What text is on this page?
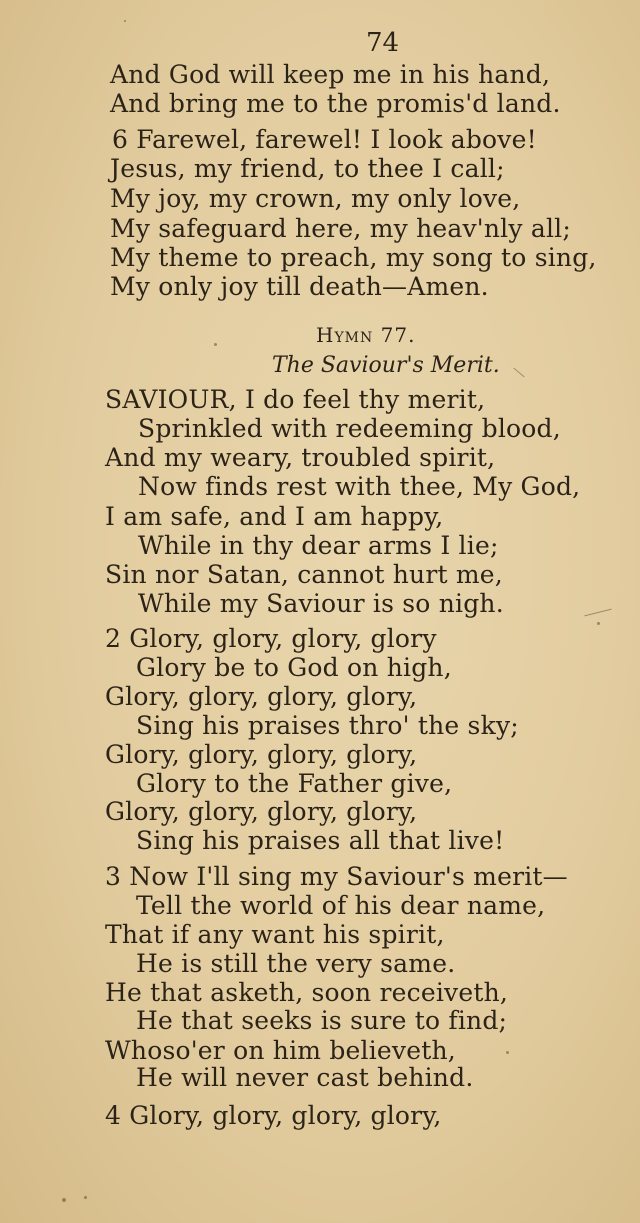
74
And God will keep me in his hand,
And bring me to the promis'd land.
6 Farewel, farewel! I look above!
Jesus, my friend, to thee I call;
My joy, my crown, my only love,
My safeguard here, my heav'nly all;
My theme to preach, my song to sing,
My only joy till death—Amen.
Hymn 77.
The Saviour's Merit.
SAVIOUR, I do feel thy merit,
Sprinkled with redeeming blood,
And my weary, troubled spirit,
Now finds rest with thee, My God,
I am safe, and I am happy,
While in thy dear arms I lie;
Sin nor Satan, cannot hurt me,
While my Saviour is so nigh.
2 Glory, glory, glory, glory
Glory be to God on high,
Glory, glory, glory, glory,
Sing his praises thro' the sky;
Glory, glory, glory, glory,
Glory to the Father give,
Glory, glory, glory, glory,
Sing his praises all that live!
3 Now I'll sing my Saviour's merit—
Tell the world of his dear name,
That if any want his spirit,
He is still the very same.
He that asketh, soon receiveth,
He that seeks is sure to find;
Whoso'er on him believeth,
He will never cast behind.
4 Glory, glory, glory, glory,
